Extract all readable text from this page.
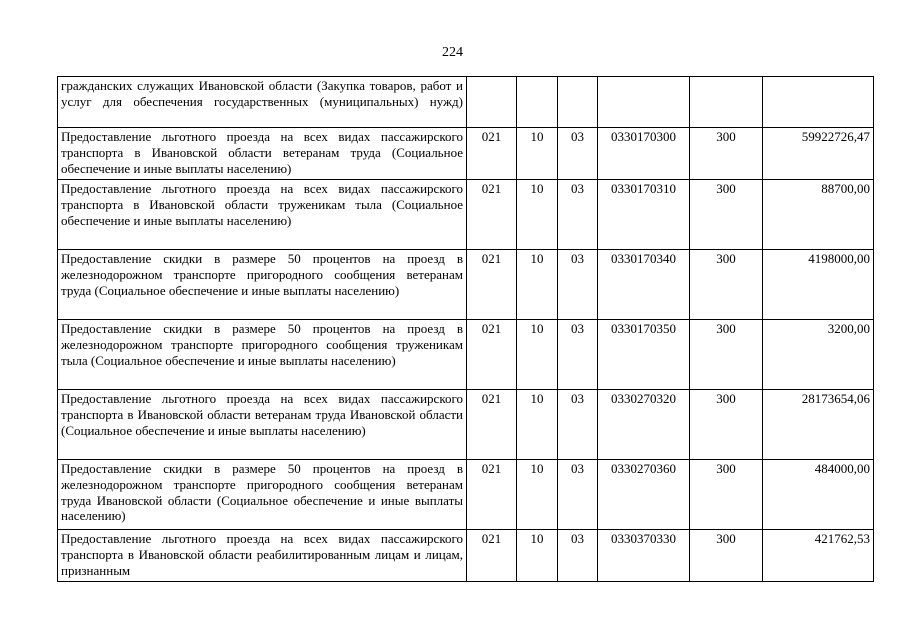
224
гражданских служащих Ивановской области (Закупка товаров, работ и услуг для обеспечения государственных (муниципальных) нужд)						
Предоставление льготного проезда на всех видах пассажирского транспорта в Ивановской области ветеранам труда (Социальное обеспечение и иные выплаты населению)	021	10	03	0330170300	300	59922726,47
Предоставление льготного проезда на всех видах пассажирского транспорта в Ивановской области труженикам тыла (Социальное обеспечение и иные выплаты населению)	021	10	03	0330170310	300	88700,00
Предоставление скидки в размере 50 процентов на проезд в железнодорожном транспорте пригородного сообщения ветеранам труда (Социальное обеспечение и иные выплаты населению)	021	10	03	0330170340	300	4198000,00
Предоставление скидки в размере 50 процентов на проезд в железнодорожном транспорте пригородного сообщения труженикам тыла (Социальное обеспечение и иные выплаты населению)	021	10	03	0330170350	300	3200,00
Предоставление льготного проезда на всех видах пассажирского транспорта в Ивановской области ветеранам труда Ивановской области (Социальное обеспечение и иные выплаты населению)	021	10	03	0330270320	300	28173654,06
Предоставление скидки в размере 50 процентов на проезд в железнодорожном транспорте пригородного сообщения ветеранам труда Ивановской области (Социальное обеспечение и иные выплаты населению)	021	10	03	0330270360	300	484000,00
Предоставление льготного проезда на всех видах пассажирского транспорта в Ивановской области реабилитированным лицам и лицам, признанным	021	10	03	0330370330	300	421762,53
